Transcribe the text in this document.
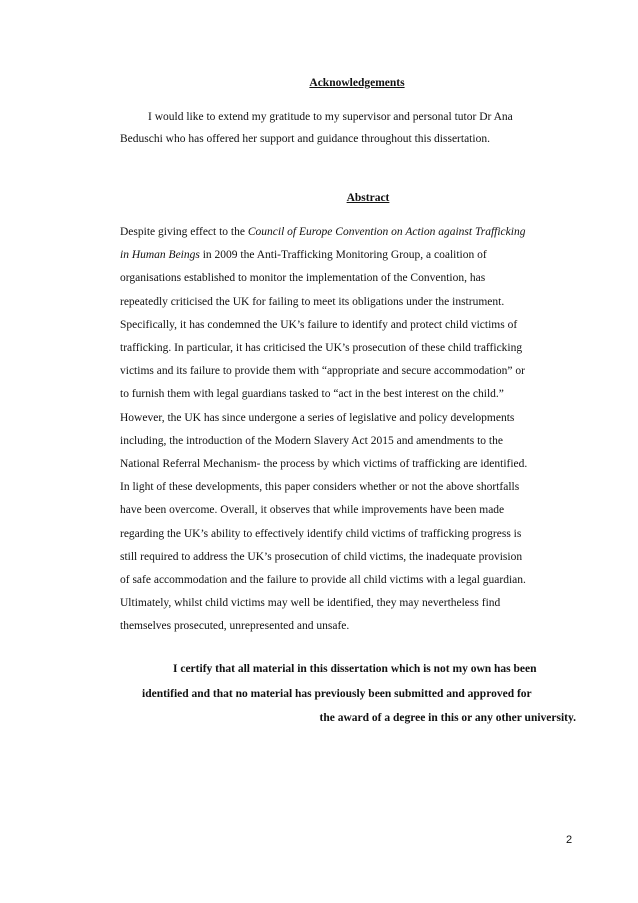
Acknowledgements
I would like to extend my gratitude to my supervisor and personal tutor Dr Ana
Beduschi who has offered her support and guidance throughout this dissertation.
Abstract
Despite giving effect to the Council of Europe Convention on Action against Trafficking
in Human Beings in 2009 the Anti-Trafficking Monitoring Group, a coalition of
organisations established to monitor the implementation of the Convention, has
repeatedly criticised the UK for failing to meet its obligations under the instrument.
Specifically, it has condemned the UK’s failure to identify and protect child victims of
trafficking. In particular, it has criticised the UK’s prosecution of these child trafficking
victims and its failure to provide them with “appropriate and secure accommodation” or
to furnish them with legal guardians tasked to “act in the best interest on the child.”
However, the UK has since undergone a series of legislative and policy developments
including, the introduction of the Modern Slavery Act 2015 and amendments to the
National Referral Mechanism- the process by which victims of trafficking are identified.
In light of these developments, this paper considers whether or not the above shortfalls
have been overcome. Overall, it observes that while improvements have been made
regarding the UK’s ability to effectively identify child victims of trafficking progress is
still required to address the UK’s prosecution of child victims, the inadequate provision
of safe accommodation and the failure to provide all child victims with a legal guardian.
Ultimately, whilst child victims may well be identified, they may nevertheless find
themselves prosecuted, unrepresented and unsafe.
I certify that all material in this dissertation which is not my own has been
identified and that no material has previously been submitted and approved for
the award of a degree in this or any other university.
2
